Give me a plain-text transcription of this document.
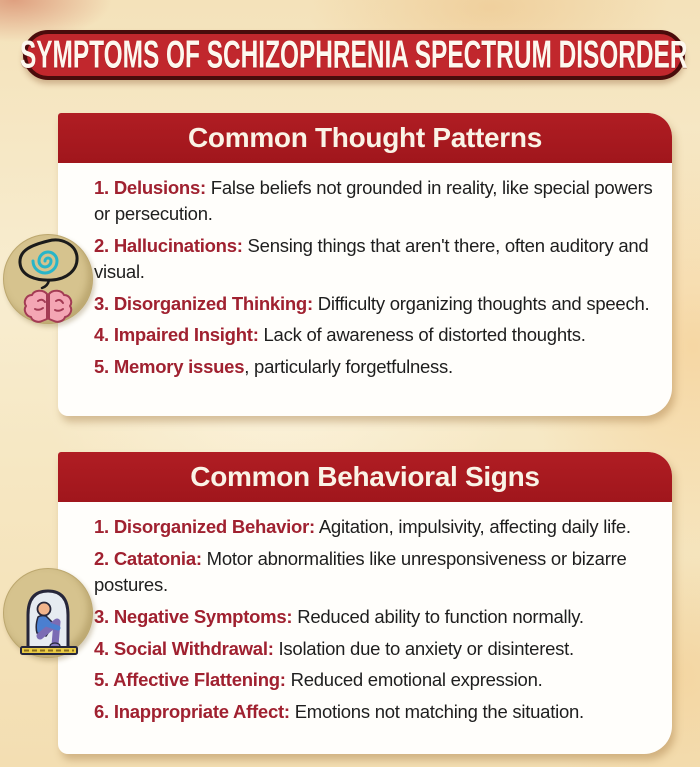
SYMPTOMS OF SCHIZOPHRENIA SPECTRUM DISORDER
Common Thought Patterns

1. Delusions: False beliefs not grounded in reality, like special powers or persecution.

2. Hallucinations: Sensing things that aren't there, often auditory and visual.

3. Disorganized Thinking: Difficulty organizing thoughts and speech.

4. Impaired Insight: Lack of awareness of distorted thoughts.

5. Memory issues, particularly forgetfulness.

Common Behavioral Signs

1. Disorganized Behavior: Agitation, impulsivity, affecting daily life.

2. Catatonia: Motor abnormalities like unresponsiveness or bizarre postures.

3. Negative Symptoms: Reduced ability to function normally.

4. Social Withdrawal: Isolation due to anxiety or disinterest.

5. Affective Flattening: Reduced emotional expression.

6. Inappropriate Affect: Emotions not matching the situation.
